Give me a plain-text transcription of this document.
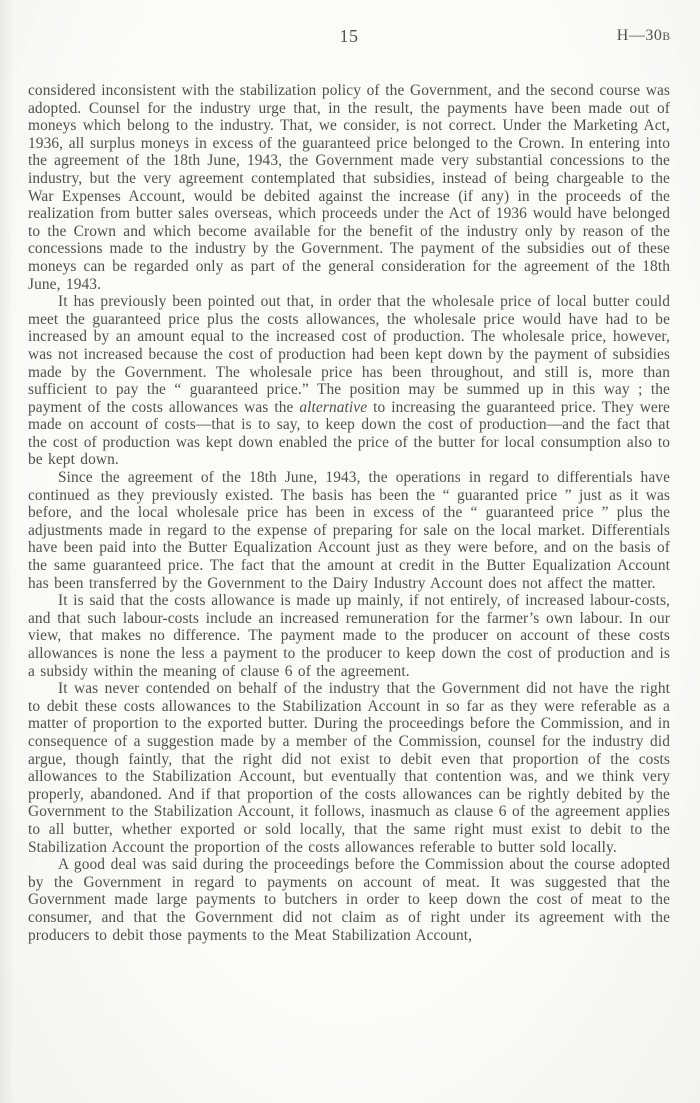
15	H—30B

considered inconsistent with the stabilization policy of the Government, and the second course was adopted. Counsel for the industry urge that, in the result, the payments have been made out of moneys which belong to the industry. That, we consider, is not correct. Under the Marketing Act, 1936, all surplus moneys in excess of the guaranteed price belonged to the Crown. In entering into the agreement of the 18th June, 1943, the Government made very substantial concessions to the industry, but the very agreement contemplated that subsidies, instead of being chargeable to the War Expenses Account, would be debited against the increase (if any) in the proceeds of the realization from butter sales overseas, which proceeds under the Act of 1936 would have belonged to the Crown and which become available for the benefit of the industry only by reason of the concessions made to the industry by the Government. The payment of the subsidies out of these moneys can be regarded only as part of the general consideration for the agreement of the 18th June, 1943.

It has previously been pointed out that, in order that the wholesale price of local butter could meet the guaranteed price plus the costs allowances, the wholesale price would have had to be increased by an amount equal to the increased cost of production. The wholesale price, however, was not increased because the cost of production had been kept down by the payment of subsidies made by the Government. The wholesale price has been throughout, and still is, more than sufficient to pay the “ guaranteed price.” The position may be summed up in this way ; the payment of the costs allowances was the alternative to increasing the guaranteed price. They were made on account of costs—that is to say, to keep down the cost of production—and the fact that the cost of production was kept down enabled the price of the butter for local consumption also to be kept down.

Since the agreement of the 18th June, 1943, the operations in regard to differentials have continued as they previously existed. The basis has been the “ guaranted price ” just as it was before, and the local wholesale price has been in excess of the “ guaranteed price ” plus the adjustments made in regard to the expense of preparing for sale on the local market. Differentials have been paid into the Butter Equalization Account just as they were before, and on the basis of the same guaranteed price. The fact that the amount at credit in the Butter Equalization Account has been transferred by the Government to the Dairy Industry Account does not affect the matter.

It is said that the costs allowance is made up mainly, if not entirely, of increased labour-costs, and that such labour-costs include an increased remuneration for the farmer’s own labour. In our view, that makes no difference. The payment made to the producer on account of these costs allowances is none the less a payment to the producer to keep down the cost of production and is a subsidy within the meaning of clause 6 of the agreement.

It was never contended on behalf of the industry that the Government did not have the right to debit these costs allowances to the Stabilization Account in so far as they were referable as a matter of proportion to the exported butter. During the proceedings before the Commission, and in consequence of a suggestion made by a member of the Commission, counsel for the industry did argue, though faintly, that the right did not exist to debit even that proportion of the costs allowances to the Stabilization Account, but eventually that contention was, and we think very properly, abandoned. And if that proportion of the costs allowances can be rightly debited by the Government to the Stabilization Account, it follows, inasmuch as clause 6 of the agreement applies to all butter, whether exported or sold locally, that the same right must exist to debit to the Stabilization Account the proportion of the costs allowances referable to butter sold locally.

A good deal was said during the proceedings before the Commission about the course adopted by the Government in regard to payments on account of meat. It was suggested that the Government made large payments to butchers in order to keep down the cost of meat to the consumer, and that the Government did not claim as of right under its agreement with the producers to debit those payments to the Meat Stabilization Account,
